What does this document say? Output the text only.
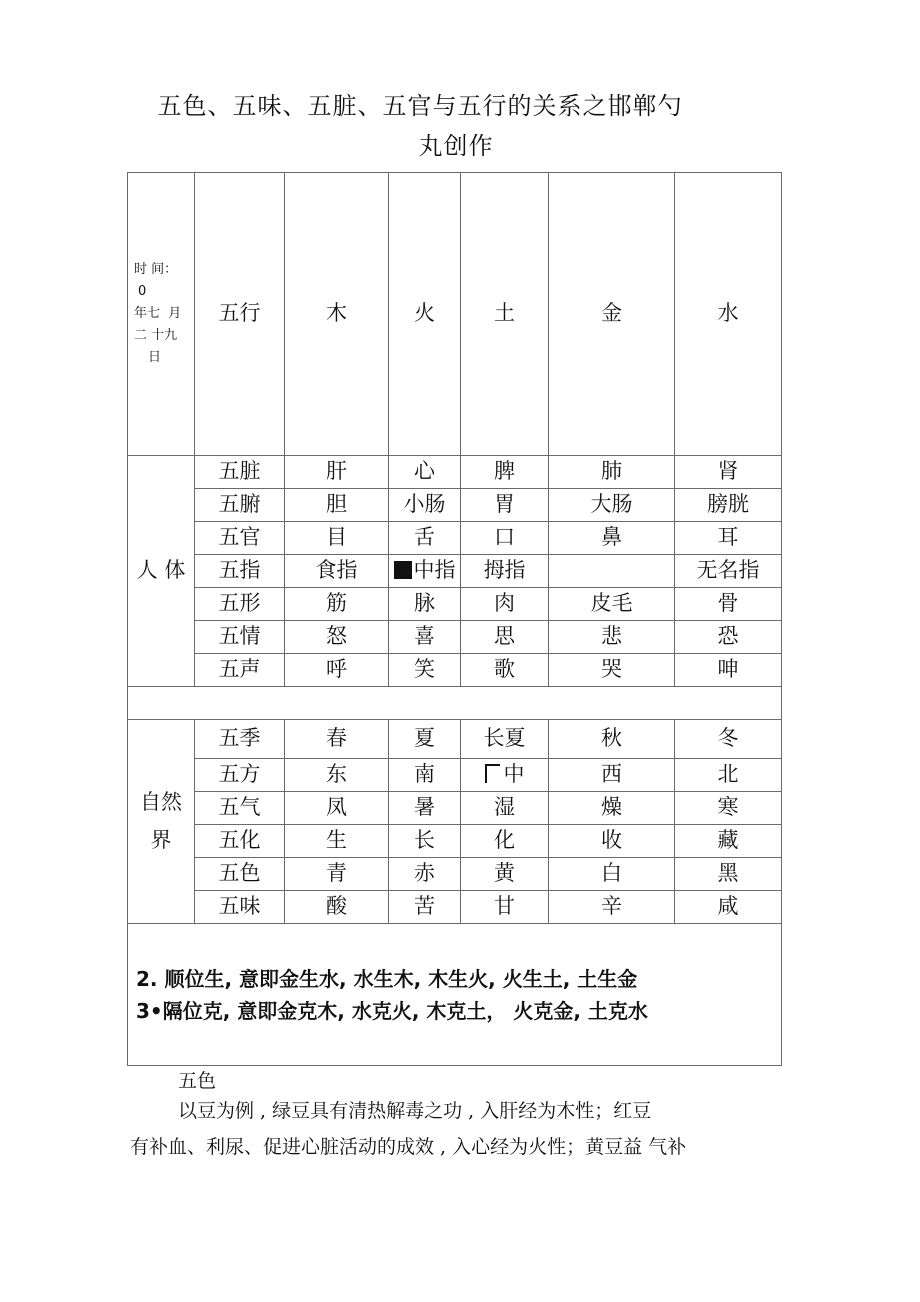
五色、五味、五脏、五官与五行的关系之邯郸勺
丸创作
时 间：
0
年七  月
二 十九
日	五行	木	火	土	金	水
人 体	五脏	肝	心	脾	肺	肾
	五腑	胆	小肠	胃	大肠	膀胱
	五官	目	舌	口	鼻	耳
	五指	食指	中指	拇指		无名指
	五形	筋	脉	肉	皮毛	骨
	五情	怒	喜	思	悲	恐
	五声	呼	笑	歌	哭	呻

自然
界	五季	春	夏	长夏	秋	冬
	五方	东	南	中	西	北
	五气	凤	暑	湿	燥	寒
	五化	生	长	化	收	藏
	五色	青	赤	黄	白	黑
	五味	酸	苦	甘	辛	咸

2. 顺位生, 意即金生水, 水生木, 木生火, 火生土, 土生金
3•隔位克, 意即金克木, 水克火, 木克土， 火克金, 土克水						

五色

以豆为例 , 绿豆具有清热解毒之功 , 入肝经为木性；红豆

有补血、利尿、促进心脏活动的成效 , 入心经为火性；黄豆益 气补
